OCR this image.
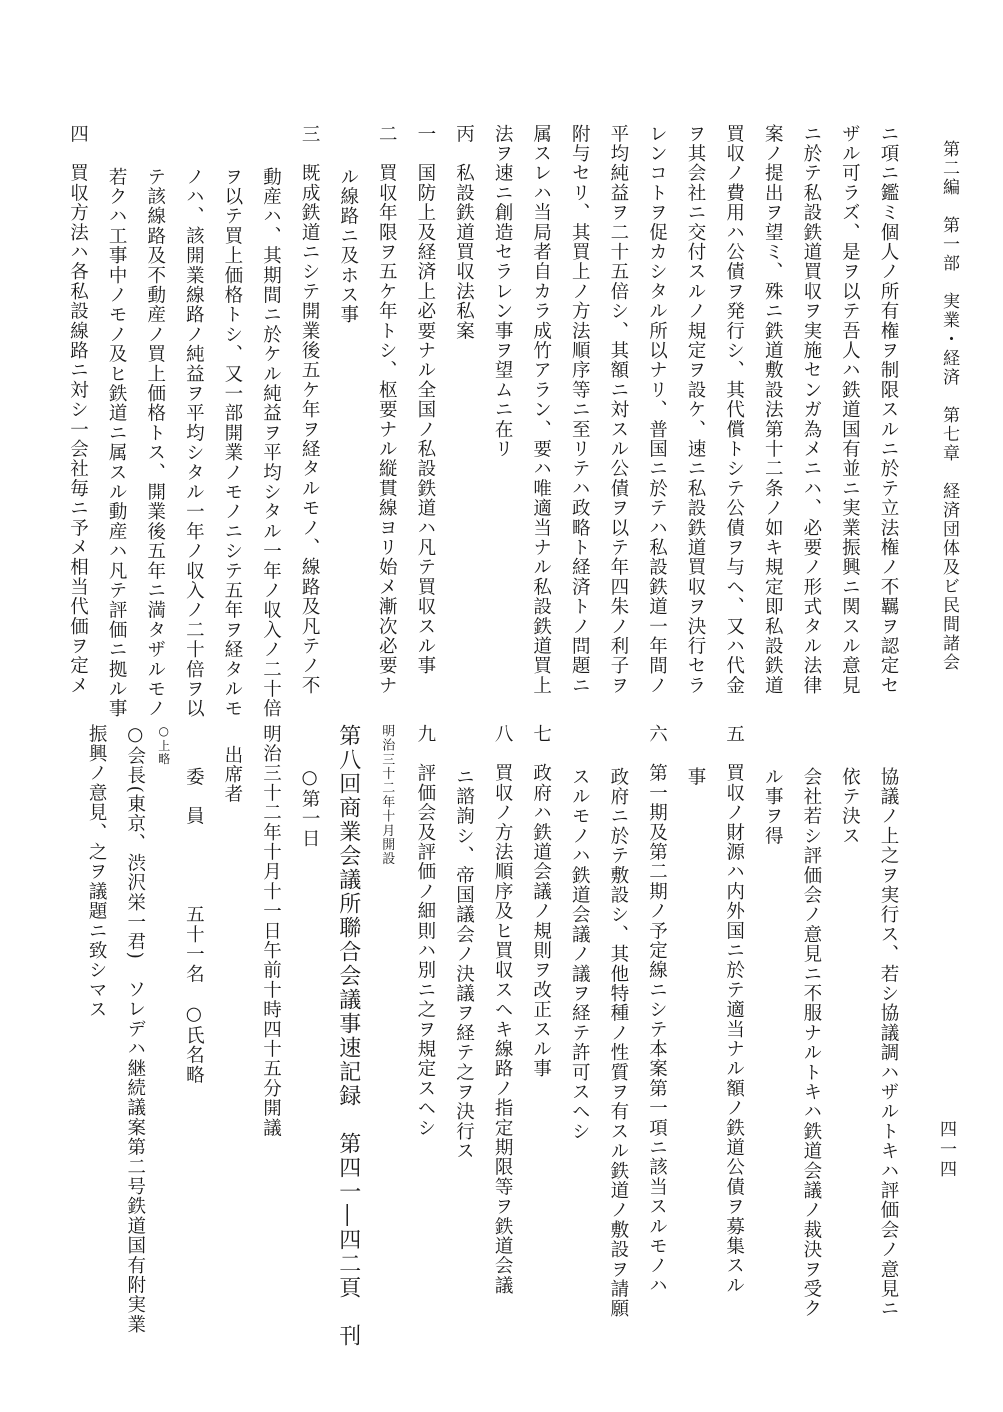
第二編　第一部　実業・経済　第七章　経済団体及ビ民間諸会
四一四
ニ項ニ鑑ミ個人ノ所有権ヲ制限スルニ於テ立法権ノ不羈ヲ認定セ
ザル可ラズ、是ヲ以テ吾人ハ鉄道国有並ニ実業振興ニ関スル意見
ニ於テ私設鉄道買収ヲ実施センガ為メニハ、必要ノ形式タル法律
案ノ提出ヲ望ミ、殊ニ鉄道敷設法第十二条ノ如キ規定即私設鉄道
買収ノ費用ハ公債ヲ発行シ、其代償トシテ公債ヲ与ヘ、又ハ代金
ヲ其会社ニ交付スルノ規定ヲ設ケ、速ニ私設鉄道買収ヲ決行セラ
レンコトヲ促カシタル所以ナリ、普国ニ於テハ私設鉄道一年間ノ
平均純益ヲ二十五倍シ、其額ニ対スル公債ヲ以テ年四朱ノ利子ヲ
附与セリ、其買上ノ方法順序等ニ至リテハ政略ト経済トノ問題ニ
属スレハ当局者自カラ成竹アラン、要ハ唯適当ナル私設鉄道買上
法ヲ速ニ創造セラレン事ヲ望ムニ在リ
丙　私設鉄道買収法私案
一　国防上及経済上必要ナル全国ノ私設鉄道ハ凡テ買収スル事
二　買収年限ヲ五ケ年トシ、枢要ナル縦貫線ヨリ始メ漸次必要ナ
ル線路ニ及ホス事
三　既成鉄道ニシテ開業後五ケ年ヲ経タルモノ、線路及凡テノ不
動産ハ、其期間ニ於ケル純益ヲ平均シタル一年ノ収入ノ二十倍
ヲ以テ買上価格トシ、又一部開業ノモノニシテ五年ヲ経タルモ
ノハ、該開業線路ノ純益ヲ平均シタル一年ノ収入ノ二十倍ヲ以
テ該線路及不動産ノ買上価格トス、開業後五年ニ満タザルモノ
若クハ工事中ノモノ及ヒ鉄道ニ属スル動産ハ凡テ評価ニ拠ル事
四　買収方法ハ各私設線路ニ対シ一会社毎ニ予メ相当代価ヲ定メ
協議ノ上之ヲ実行ス、若シ協議調ハザルトキハ評価会ノ意見ニ
依テ決ス
会社若シ評価会ノ意見ニ不服ナルトキハ鉄道会議ノ裁決ヲ受ク
ル事ヲ得
五　買収ノ財源ハ内外国ニ於テ適当ナル額ノ鉄道公債ヲ募集スル
事
六　第一期及第二期ノ予定線ニシテ本案第一項ニ該当スルモノハ
政府ニ於テ敷設シ、其他特種ノ性質ヲ有スル鉄道ノ敷設ヲ請願
スルモノハ鉄道会議ノ議ヲ経テ許可スヘシ
七　政府ハ鉄道会議ノ規則ヲ改正スル事
八　買収ノ方法順序及ヒ買収スヘキ線路ノ指定期限等ヲ鉄道会議
ニ諮詢シ、帝国議会ノ決議ヲ経テ之ヲ決行ス
九　評価会及評価ノ細則ハ別ニ之ヲ規定スヘシ
明治三十二年十月開設
第八回商業会議所聯合会議事速記録　第四一―四二頁　刊
○第一日
明治三十二年十月十一日午前十時四十五分開議
出席者
委　員　　　　五十一名　○氏名略
○上略
○会長(東京、渋沢栄一君)　ソレデハ継続議案第二号鉄道国有附実業
振興ノ意見、之ヲ議題ニ致シマス
